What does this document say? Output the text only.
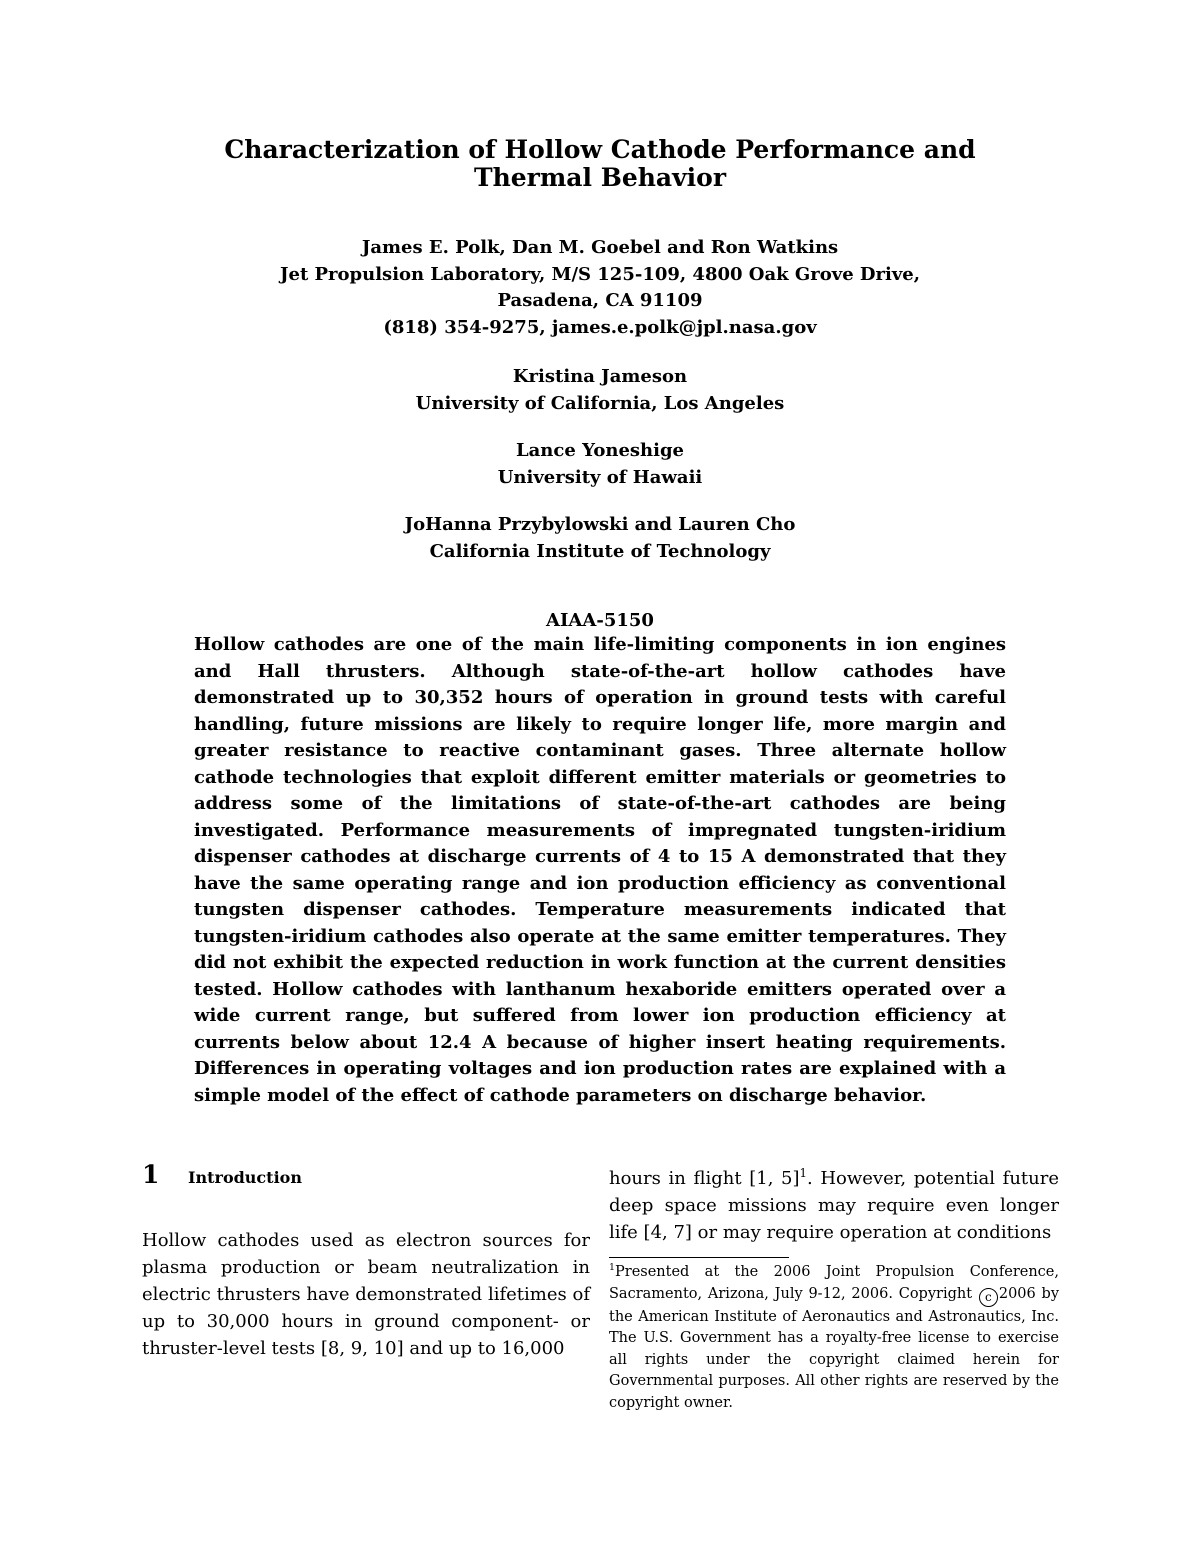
Characterization of Hollow Cathode Performance and
Thermal Behavior
James E. Polk, Dan M. Goebel and Ron Watkins
Jet Propulsion Laboratory, M/S 125-109, 4800 Oak Grove Drive,
Pasadena, CA 91109
(818) 354-9275, james.e.polk@jpl.nasa.gov
Kristina Jameson
University of California, Los Angeles
Lance Yoneshige
University of Hawaii
JoHanna Przybylowski and Lauren Cho
California Institute of Technology
AIAA-5150

Hollow cathodes are one of the main life-limiting components in ion engines and Hall thrusters. Although state-of-the-art hollow cathodes have demonstrated up to 30,352 hours of operation in ground tests with careful handling, future missions are likely to require longer life, more margin and greater resistance to reactive contaminant gases. Three alternate hollow cathode technologies that exploit different emitter materials or geometries to address some of the limitations of state-of-the-art cathodes are being investigated. Performance measurements of impregnated tungsten-iridium dispenser cathodes at discharge currents of 4 to 15 A demonstrated that they have the same operating range and ion production efficiency as conventional tungsten dispenser cathodes. Temperature measurements indicated that tungsten-iridium cathodes also operate at the same emitter temperatures. They did not exhibit the expected reduction in work function at the current densities tested. Hollow cathodes with lanthanum hexaboride emitters operated over a wide current range, but suffered from lower ion production efficiency at currents below about 12.4 A because of higher insert heating requirements. Differences in operating voltages and ion production rates are explained with a simple model of the effect of cathode parameters on discharge behavior.

1 Introduction

Hollow cathodes used as electron sources for plasma production or beam neutralization in electric thrusters have demonstrated lifetimes of up to 30,000 hours in ground component- or thruster-level tests [8, 9, 10] and up to 16,000

hours in flight [1, 5]$^1$. However, potential future deep space missions may require even longer life [4, 7] or may require operation at conditions

$^1$Presented at the 2006 Joint Propulsion Conference, Sacramento, Arizona, July 9-12, 2006. Copyright c 2006 by the American Institute of Aeronautics and Astronautics, Inc. The U.S. Government has a royalty-free license to exercise all rights under the copyright claimed herein for Governmental purposes. All other rights are reserved by the copyright owner.
